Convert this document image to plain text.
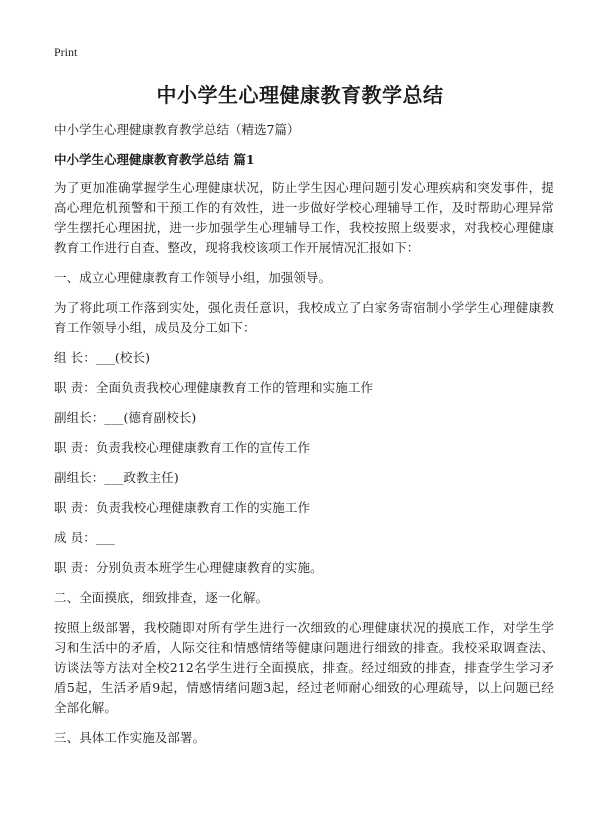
Print
中小学生心理健康教育教学总结

中小学生心理健康教育教学总结（精选7篇）

中小学生心理健康教育教学总结 篇1

为了更加准确掌握学生心理健康状况，防止学生因心理问题引发心理疾病和突发事件，提高心理危机预警和干预工作的有效性，进一步做好学校心理辅导工作，及时帮助心理异常学生摆托心理困扰，进一步加强学生心理辅导工作，我校按照上级要求，对我校心理健康教育工作进行自查、整改，现将我校该项工作开展情况汇报如下：

一、成立心理健康教育工作领导小组，加强领导。

为了将此项工作落到实处，强化责任意识，我校成立了白家务寄宿制小学学生心理健康教育工作领导小组，成员及分工如下：

组 长：___(校长)

职 责：全面负责我校心理健康教育工作的管理和实施工作

副组长：___(德育副校长)

职 责：负责我校心理健康教育工作的宣传工作

副组长：___政教主任)

职 责：负责我校心理健康教育工作的实施工作

成 员：___

职 责：分别负责本班学生心理健康教育的实施。

二、全面摸底，细致排查，逐一化解。

按照上级部署，我校随即对所有学生进行一次细致的心理健康状况的摸底工作，对学生学习和生活中的矛盾，人际交往和情感情绪等健康问题进行细致的排查。我校采取调查法、访谈法等方法对全校212名学生进行全面摸底，排查。经过细致的排查，排查学生学习矛盾5起，生活矛盾9起，情感情绪问题3起，经过老师耐心细致的心理疏导，以上问题已经全部化解。

三、具体工作实施及部署。
